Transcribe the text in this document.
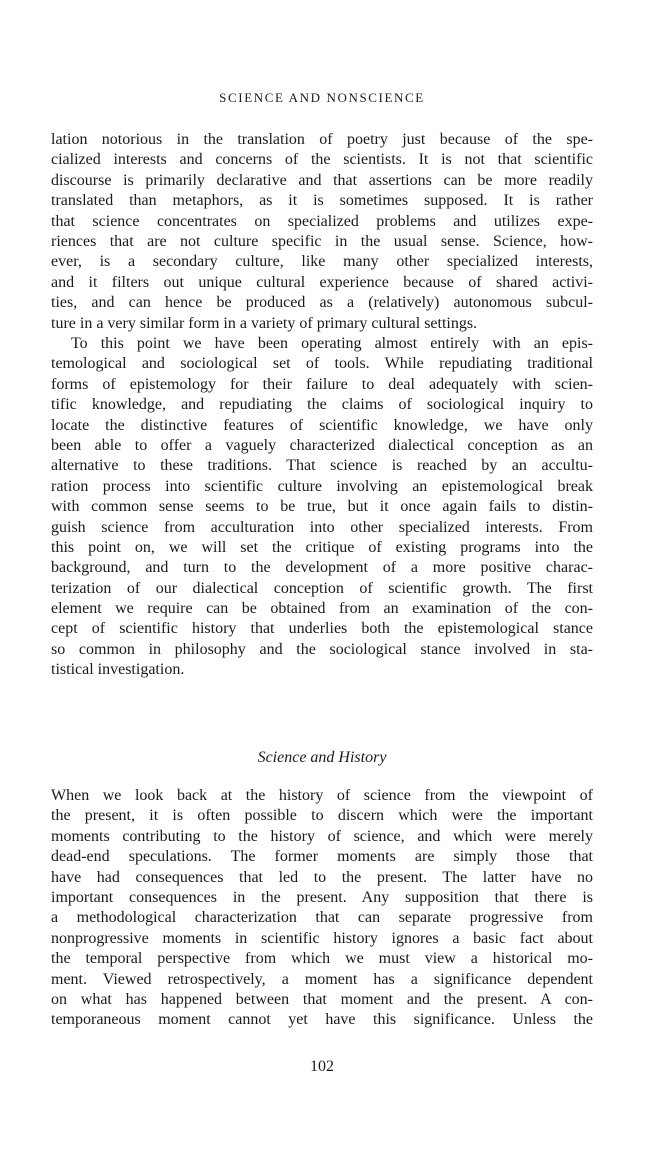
SCIENCE AND NONSCIENCE
lation notorious in the translation of poetry just because of the spe-
cialized interests and concerns of the scientists. It is not that scientific
discourse is primarily declarative and that assertions can be more readily
translated than metaphors, as it is sometimes supposed. It is rather
that science concentrates on specialized problems and utilizes expe-
riences that are not culture specific in the usual sense. Science, how-
ever, is a secondary culture, like many other specialized interests,
and it filters out unique cultural experience because of shared activi-
ties, and can hence be produced as a (relatively) autonomous subcul-
ture in a very similar form in a variety of primary cultural settings.
To this point we have been operating almost entirely with an epis-
temological and sociological set of tools. While repudiating traditional
forms of epistemology for their failure to deal adequately with scien-
tific knowledge, and repudiating the claims of sociological inquiry to
locate the distinctive features of scientific knowledge, we have only
been able to offer a vaguely characterized dialectical conception as an
alternative to these traditions. That science is reached by an accultu-
ration process into scientific culture involving an epistemological break
with common sense seems to be true, but it once again fails to distin-
guish science from acculturation into other specialized interests. From
this point on, we will set the critique of existing programs into the
background, and turn to the development of a more positive charac-
terization of our dialectical conception of scientific growth. The first
element we require can be obtained from an examination of the con-
cept of scientific history that underlies both the epistemological stance
so common in philosophy and the sociological stance involved in sta-
tistical investigation.
Science and History
When we look back at the history of science from the viewpoint of
the present, it is often possible to discern which were the important
moments contributing to the history of science, and which were merely
dead-end speculations. The former moments are simply those that
have had consequences that led to the present. The latter have no
important consequences in the present. Any supposition that there is
a methodological characterization that can separate progressive from
nonprogressive moments in scientific history ignores a basic fact about
the temporal perspective from which we must view a historical mo-
ment. Viewed retrospectively, a moment has a significance dependent
on what has happened between that moment and the present. A con-
temporaneous moment cannot yet have this significance. Unless the
102
